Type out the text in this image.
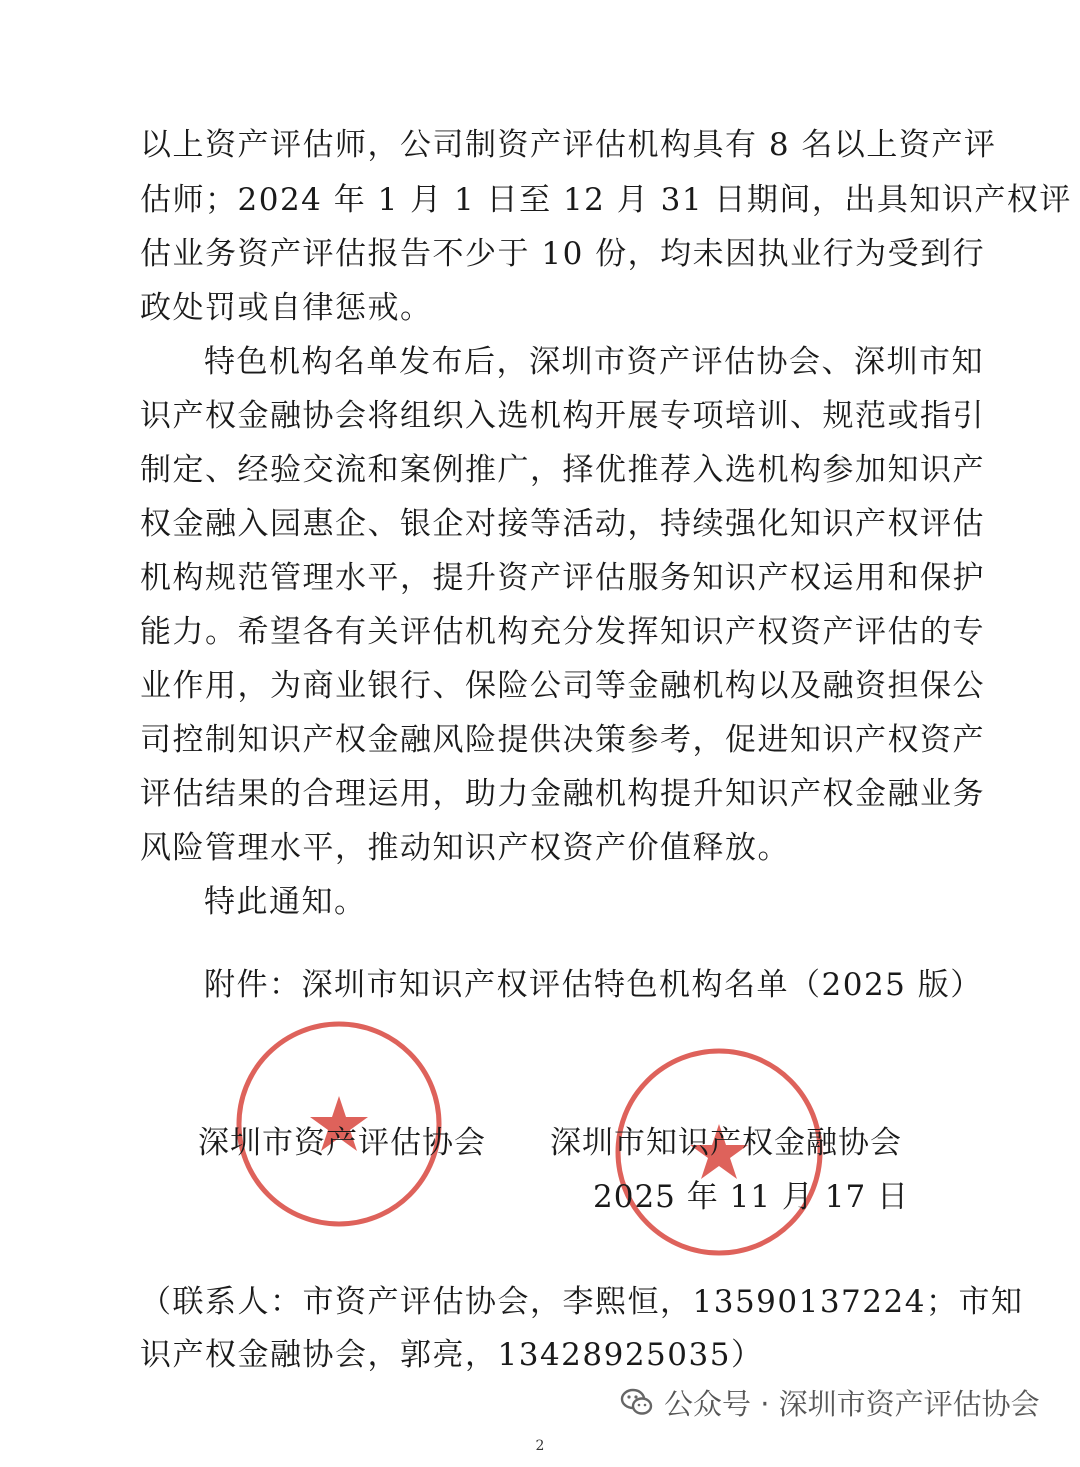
以上资产评估师，公司制资产评估机构具有 8 名以上资产评
估师；2024 年 1 月 1 日至 12 月 31 日期间，出具知识产权评
估业务资产评估报告不少于 10 份，均未因执业行为受到行
政处罚或自律惩戒。
特色机构名单发布后，深圳市资产评估协会、深圳市知
识产权金融协会将组织入选机构开展专项培训、规范或指引
制定、经验交流和案例推广，择优推荐入选机构参加知识产
权金融入园惠企、银企对接等活动，持续强化知识产权评估
机构规范管理水平，提升资产评估服务知识产权运用和保护
能力。希望各有关评估机构充分发挥知识产权资产评估的专
业作用，为商业银行、保险公司等金融机构以及融资担保公
司控制知识产权金融风险提供决策参考，促进知识产权资产
评估结果的合理运用，助力金融机构提升知识产权金融业务
风险管理水平，推动知识产权资产价值释放。
特此通知。
附件：深圳市知识产权评估特色机构名单（2025 版）
深圳市资产评估协会 深圳市知识产权金融协会
2025 年 11 月 17 日
（联系人：市资产评估协会，李熙恒，13590137224；市知
识产权金融协会，郭亮，13428925035）
公众号 · 深圳市资产评估协会
2
